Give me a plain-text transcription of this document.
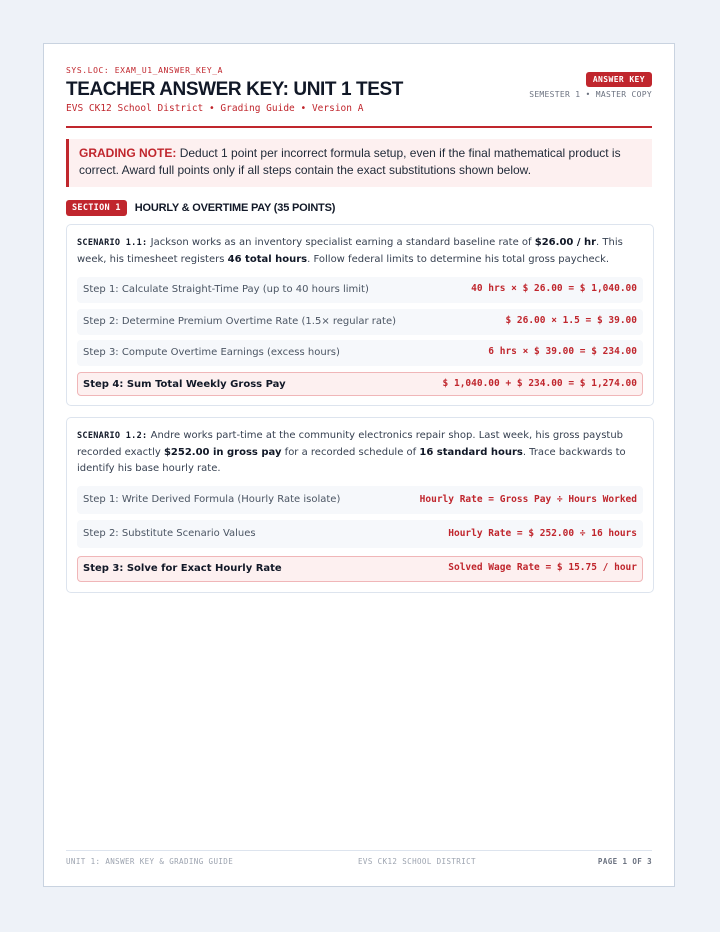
SYS.LOC: EXAM_U1_ANSWER_KEY_A
TEACHER ANSWER KEY: UNIT 1 TEST
EVS CK12 School District • Grading Guide • Version A
ANSWER KEY
SEMESTER 1 • MASTER COPY
GRADING NOTE: Deduct 1 point per incorrect formula setup, even if the final mathematical product is correct. Award full points only if all steps contain the exact substitutions shown below.
SECTION 1	HOURLY & OVERTIME PAY (35 POINTS)
SCENARIO 1.1: Jackson works as an inventory specialist earning a standard baseline rate of $26.00 / hr. This week, his timesheet registers 46 total hours. Follow federal limits to determine his total gross paycheck.
Step 1: Calculate Straight-Time Pay (up to 40 hours limit)	40 hrs × $ 26.00 = $ 1,040.00
Step 2: Determine Premium Overtime Rate (1.5× regular rate)	$ 26.00 × 1.5 = $ 39.00
Step 3: Compute Overtime Earnings (excess hours)	6 hrs × $ 39.00 = $ 234.00
Step 4: Sum Total Weekly Gross Pay	$ 1,040.00 + $ 234.00 = $ 1,274.00
SCENARIO 1.2: Andre works part-time at the community electronics repair shop. Last week, his gross paystub recorded exactly $252.00 in gross pay for a recorded schedule of 16 standard hours. Trace backwards to identify his base hourly rate.
Step 1: Write Derived Formula (Hourly Rate isolate)	Hourly Rate = Gross Pay ÷ Hours Worked
Step 2: Substitute Scenario Values	Hourly Rate = $ 252.00 ÷ 16 hours
Step 3: Solve for Exact Hourly Rate	Solved Wage Rate = $ 15.75 / hour
UNIT 1: ANSWER KEY & GRADING GUIDE	EVS CK12 SCHOOL DISTRICT	PAGE 1 OF 3
